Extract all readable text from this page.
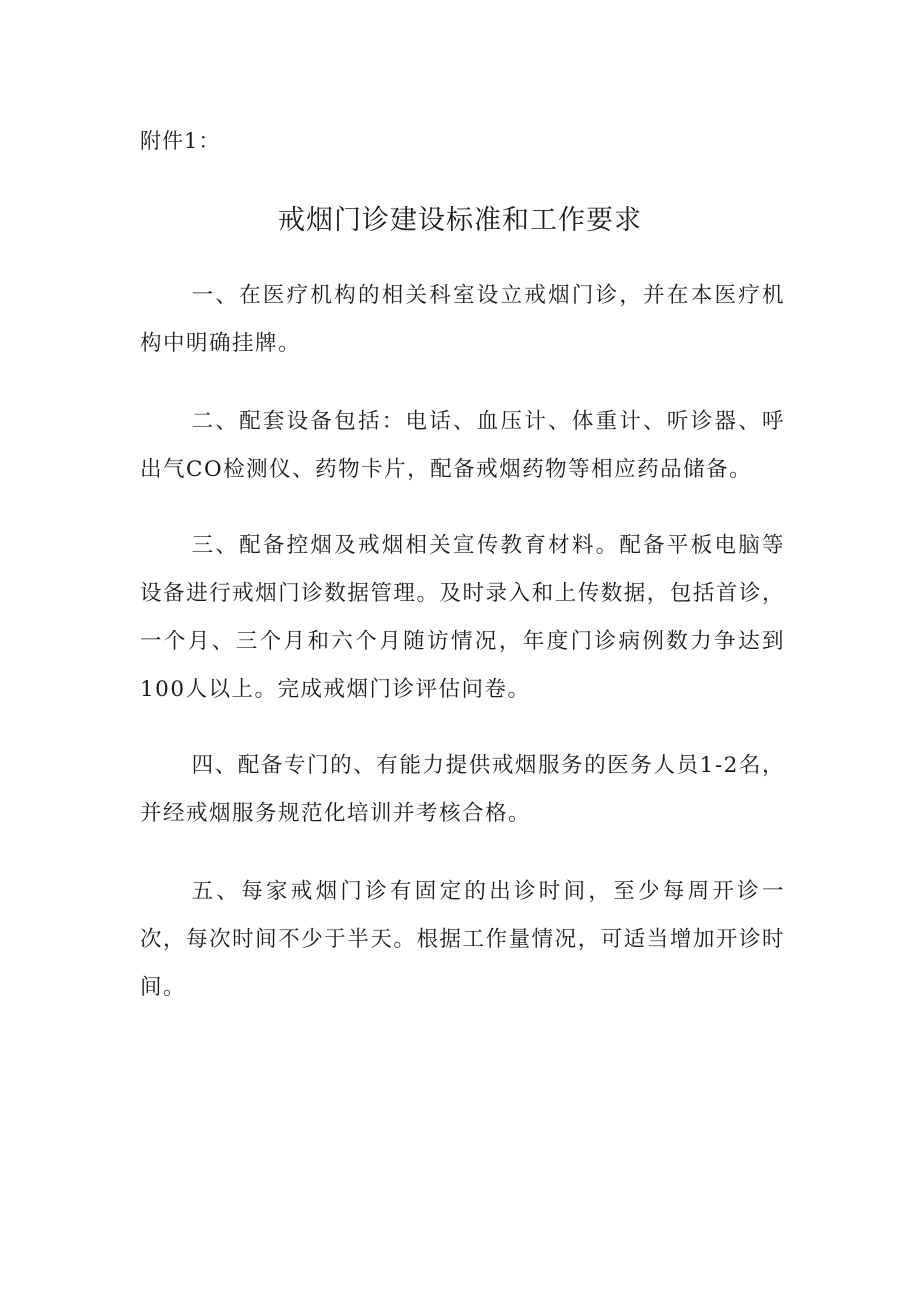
附件1：
戒烟门诊建设标准和工作要求

一、在医疗机构的相关科室设立戒烟门诊，并在本医疗机构中明确挂牌。

二、配套设备包括：电话、血压计、体重计、听诊器、呼出气CO检测仪、药物卡片，配备戒烟药物等相应药品储备。

三、配备控烟及戒烟相关宣传教育材料。配备平板电脑等设备进行戒烟门诊数据管理。及时录入和上传数据，包括首诊，一个月、三个月和六个月随访情况，年度门诊病例数力争达到100人以上。完成戒烟门诊评估问卷。

四、配备专门的、有能力提供戒烟服务的医务人员1-2名，并经戒烟服务规范化培训并考核合格。

五、每家戒烟门诊有固定的出诊时间，至少每周开诊一次，每次时间不少于半天。根据工作量情况，可适当增加开诊时间。
